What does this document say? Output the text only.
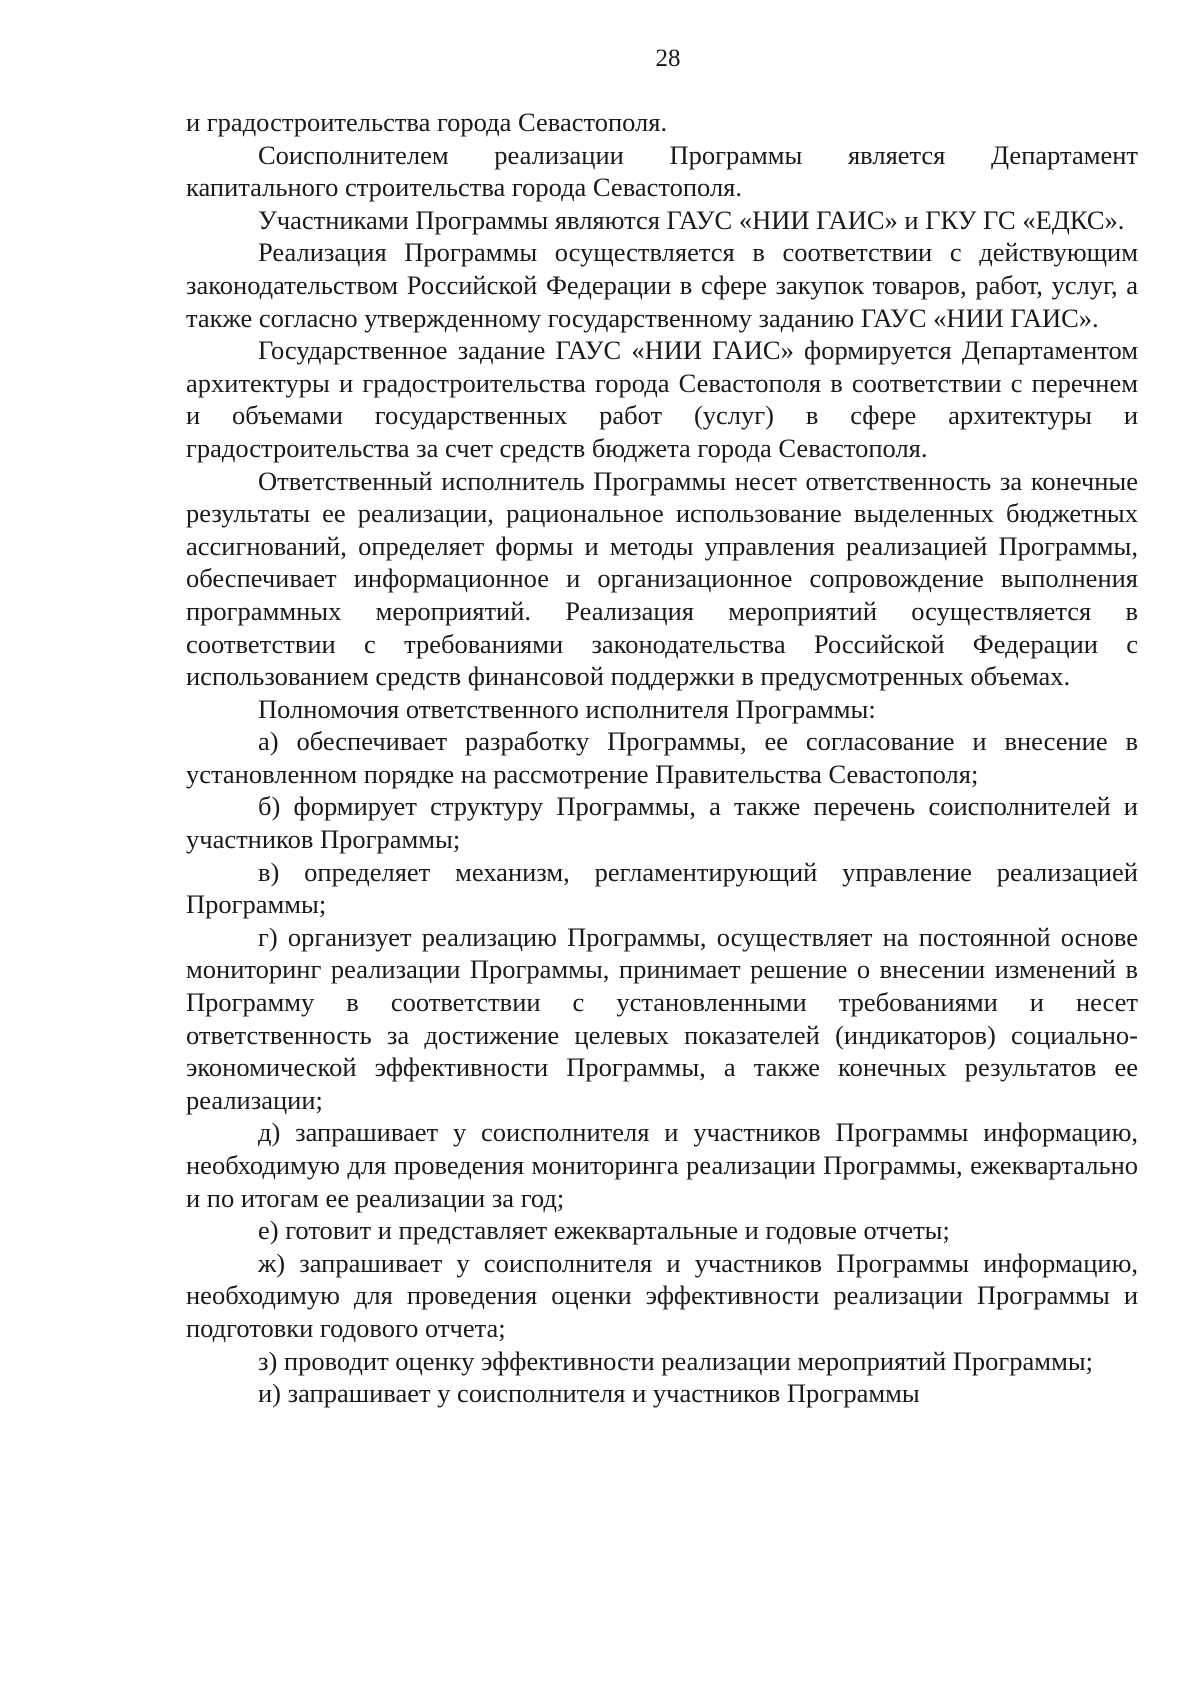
28

и градостроительства города Севастополя.

Соисполнителем реализации Программы является Департамент капитального строительства города Севастополя.

Участниками Программы являются ГАУС «НИИ ГАИС» и ГКУ ГС «ЕДКС».

Реализация Программы осуществляется в соответствии с действующим законодательством Российской Федерации в сфере закупок товаров, работ, услуг, а также согласно утвержденному государственному заданию ГАУС «НИИ ГАИС».

Государственное задание ГАУС «НИИ ГАИС» формируется Департаментом архитектуры и градостроительства города Севастополя в соответствии с перечнем и объемами государственных работ (услуг) в сфере архитектуры и градостроительства за счет средств бюджета города Севастополя.

Ответственный исполнитель Программы несет ответственность за конечные результаты ее реализации, рациональное использование выделенных бюджетных ассигнований, определяет формы и методы управления реализацией Программы, обеспечивает информационное и организационное сопровождение выполнения программных мероприятий. Реализация мероприятий осуществляется в соответствии с требованиями законодательства Российской Федерации с использованием средств финансовой поддержки в предусмотренных объемах.

Полномочия ответственного исполнителя Программы:

а) обеспечивает разработку Программы, ее согласование и внесение в установленном порядке на рассмотрение Правительства Севастополя;

б) формирует структуру Программы, а также перечень соисполнителей и участников Программы;

в) определяет механизм, регламентирующий управление реализацией Программы;

г) организует реализацию Программы, осуществляет на постоянной основе мониторинг реализации Программы, принимает решение о внесении изменений в Программу в соответствии с установленными требованиями и несет ответственность за достижение целевых показателей (индикаторов) социально-экономической эффективности Программы, а также конечных результатов ее реализации;

д) запрашивает у соисполнителя и участников Программы информацию, необходимую для проведения мониторинга реализации Программы, ежеквартально и по итогам ее реализации за год;

е) готовит и представляет ежеквартальные и годовые отчеты;

ж) запрашивает у соисполнителя и участников Программы информацию, необходимую для проведения оценки эффективности реализации Программы и подготовки годового отчета;

з) проводит оценку эффективности реализации мероприятий Программы;

и) запрашивает у соисполнителя и участников Программы
